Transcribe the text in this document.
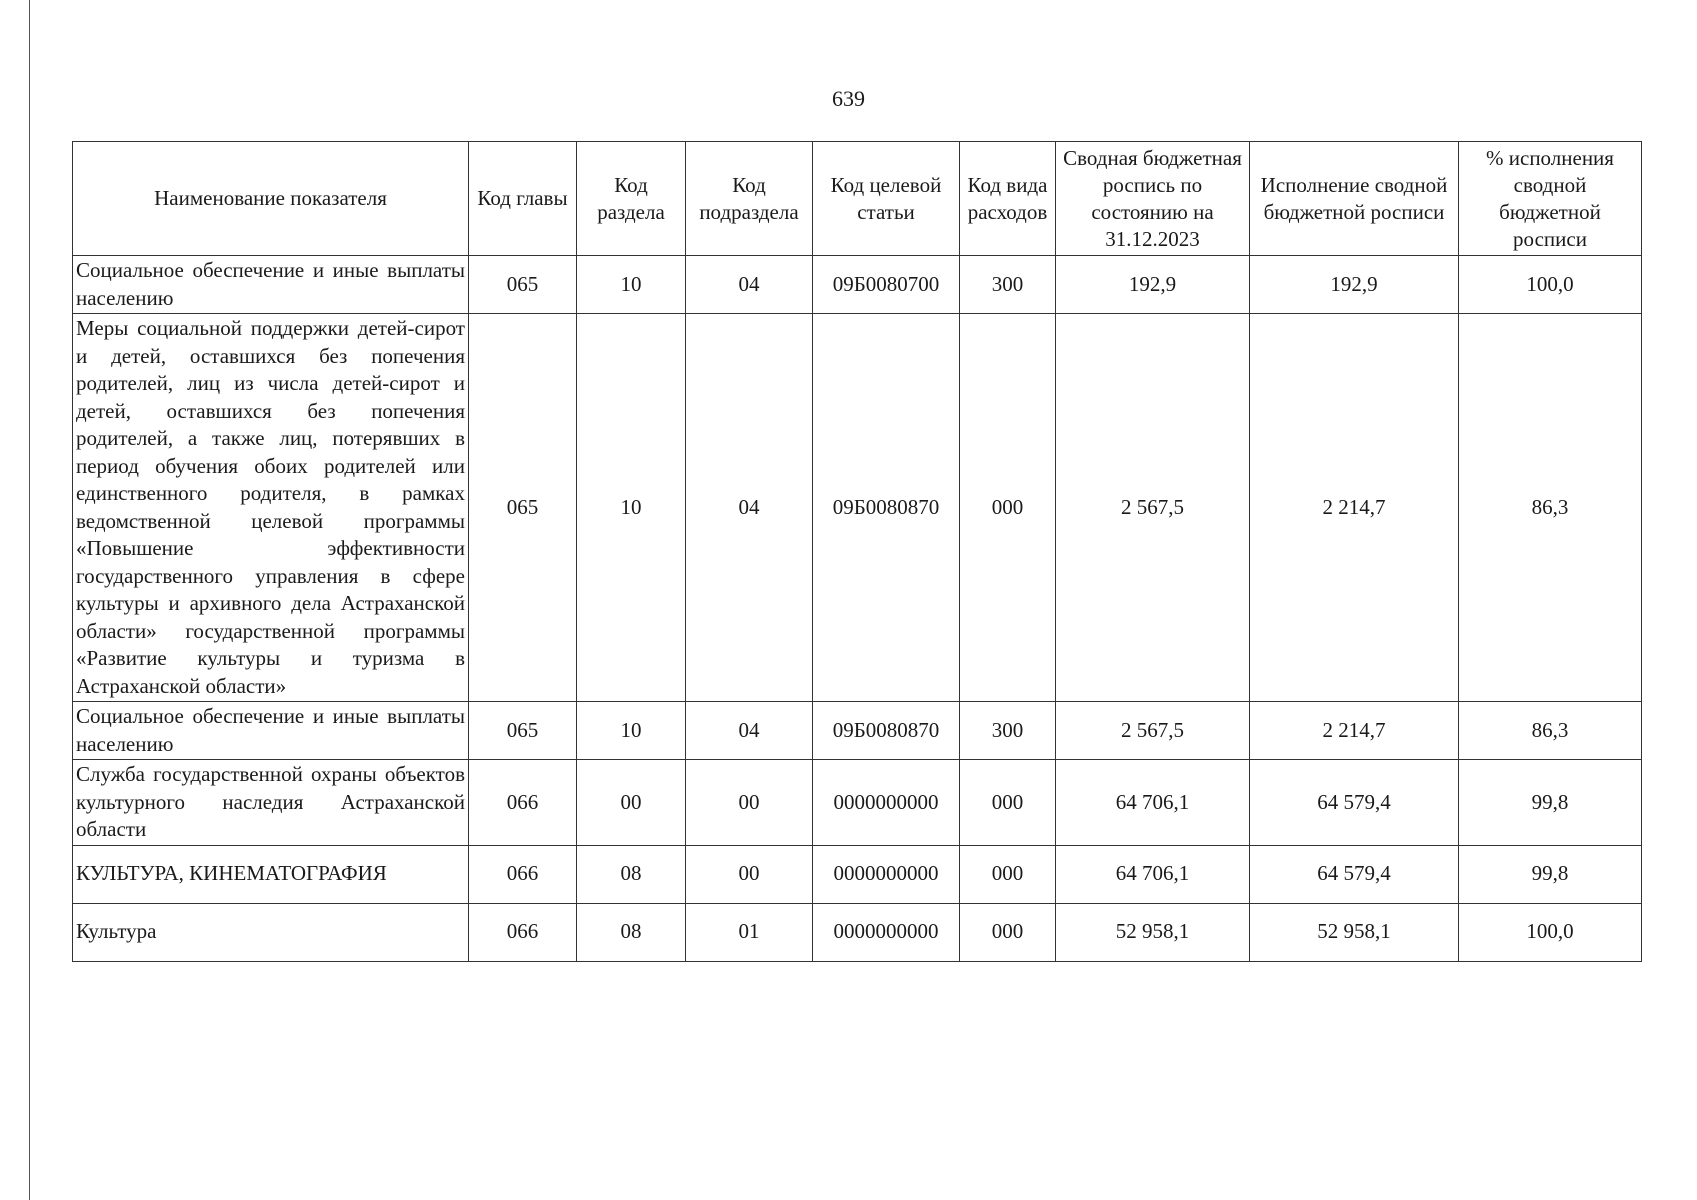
639
Наименование показателя	Код главы	Код раздела	Код подраздела	Код целевой статьи	Код вида расходов	Сводная бюджетная роспись по состоянию на 31.12.2023	Исполнение сводной бюджетной росписи	% исполнения сводной бюджетной росписи
Социальное обеспечение и иные выплаты населению	065	10	04	09Б0080700	300	192,9	192,9	100,0
Меры социальной поддержки детей-сирот и детей, оставшихся без попечения родителей, лиц из числа детей-сирот и детей, оставшихся без попечения родителей, а также лиц, потерявших в период обучения обоих родителей или единственного родителя, в рамках ведомственной целевой программы «Повышение эффективности государственного управления в сфере культуры и архивного дела Астраханской области» государственной программы «Развитие культуры и туризма в Астраханской области»	065	10	04	09Б0080870	000	2 567,5	2 214,7	86,3
Социальное обеспечение и иные выплаты населению	065	10	04	09Б0080870	300	2 567,5	2 214,7	86,3
Служба государственной охраны объектов культурного наследия Астраханской области	066	00	00	0000000000	000	64 706,1	64 579,4	99,8
КУЛЬТУРА, КИНЕМАТОГРАФИЯ	066	08	00	0000000000	000	64 706,1	64 579,4	99,8
Культура	066	08	01	0000000000	000	52 958,1	52 958,1	100,0
